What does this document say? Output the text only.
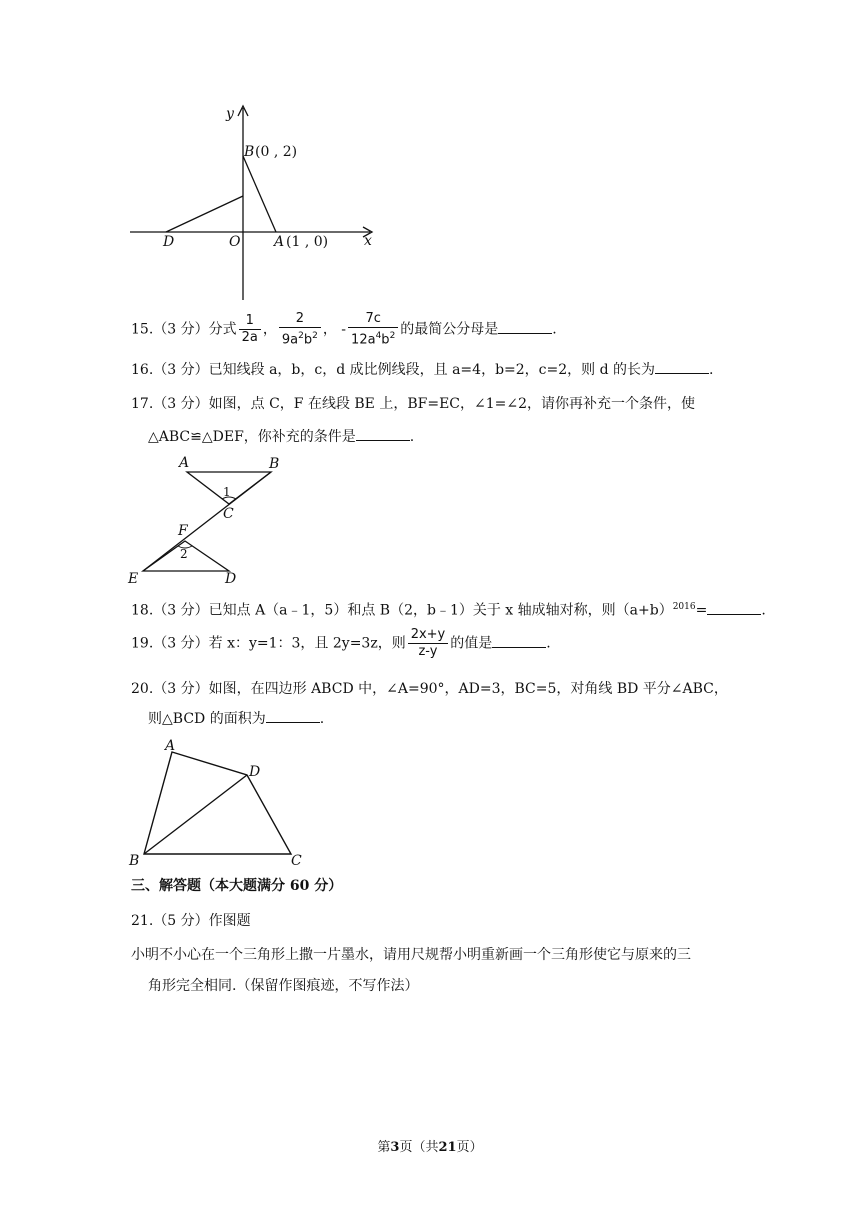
y
x
B (0 , 2)
D	O A (1 , 0)
15.（3 分）分式 $\frac{1}{2a}$ ， $\frac{2}{9a^2b^2}$ ， - $\frac{7c}{12a^4b^2}$ 的最简公分母是	.
16.（3 分）已知线段 a，b，c，d 成比例线段，且 a=4，b=2，c=2，则 d 的长为	.
17.（3 分）如图，点 C，F 在线段 BE 上，BF=EC，∠1=∠2，请你再补充一个条件，使
△ABC≌△DEF，你补充的条件是	.
A	B
1
C
F
2
E	D
18.（3 分）已知点 A（a﹣1，5）和点 B（2，b﹣1）关于 x 轴成轴对称，则$(a+b)^{2016}=$	.
19.（3 分）若 x：y=1：3，且 2y=3z，则 $\frac{2x+y}{z-y}$ 的值是	.
20.（3 分）如图，在四边形 ABCD 中，∠A=90°，AD=3，BC=5，对角线 BD 平分∠ABC，
则△BCD 的面积为	.
A
D
B	C
三、解答题（本大题满分 60 分）
21.（5 分）作图题
小明不小心在一个三角形上撒一片墨水，请用尺规帮小明重新画一个三角形使它与原来的三
角形完全相同.（保留作图痕迹，不写作法）
第3页（共21页）
